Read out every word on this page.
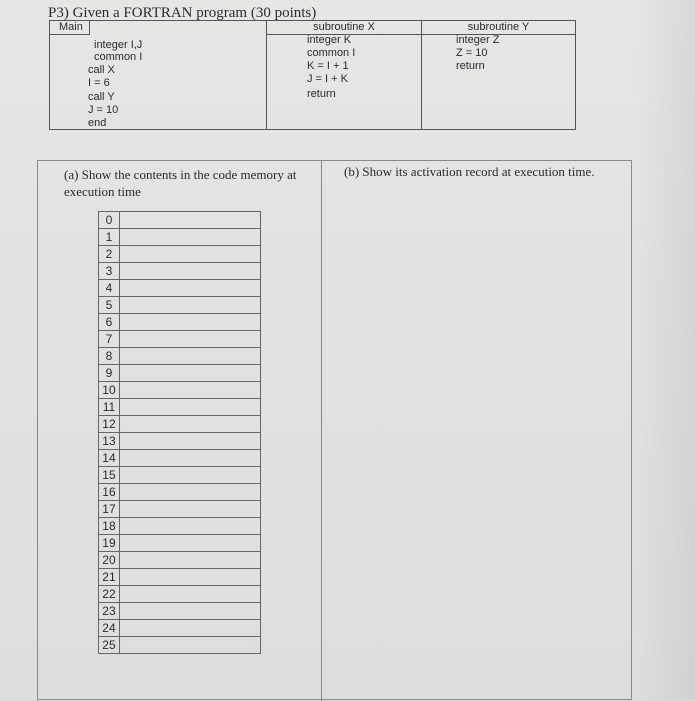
P3) Given a FORTRAN program (30 points)
Main
integer I,J
common I
call X
I = 6
call Y
J = 10
end
subroutine X
integer K
common I
K = I + 1
J = I + K
return
subroutine Y
integer Z
Z = 10
return
(a) Show the contents in the code memory at execution time
(b) Show its activation record at execution time.
0	
1	
2	
3	
4	
5	
6	
7	
8	
9	
10	
11	
12	
13	
14	
15	
16	
17	
18	
19	
20	
21	
22	
23	
24	
25	
